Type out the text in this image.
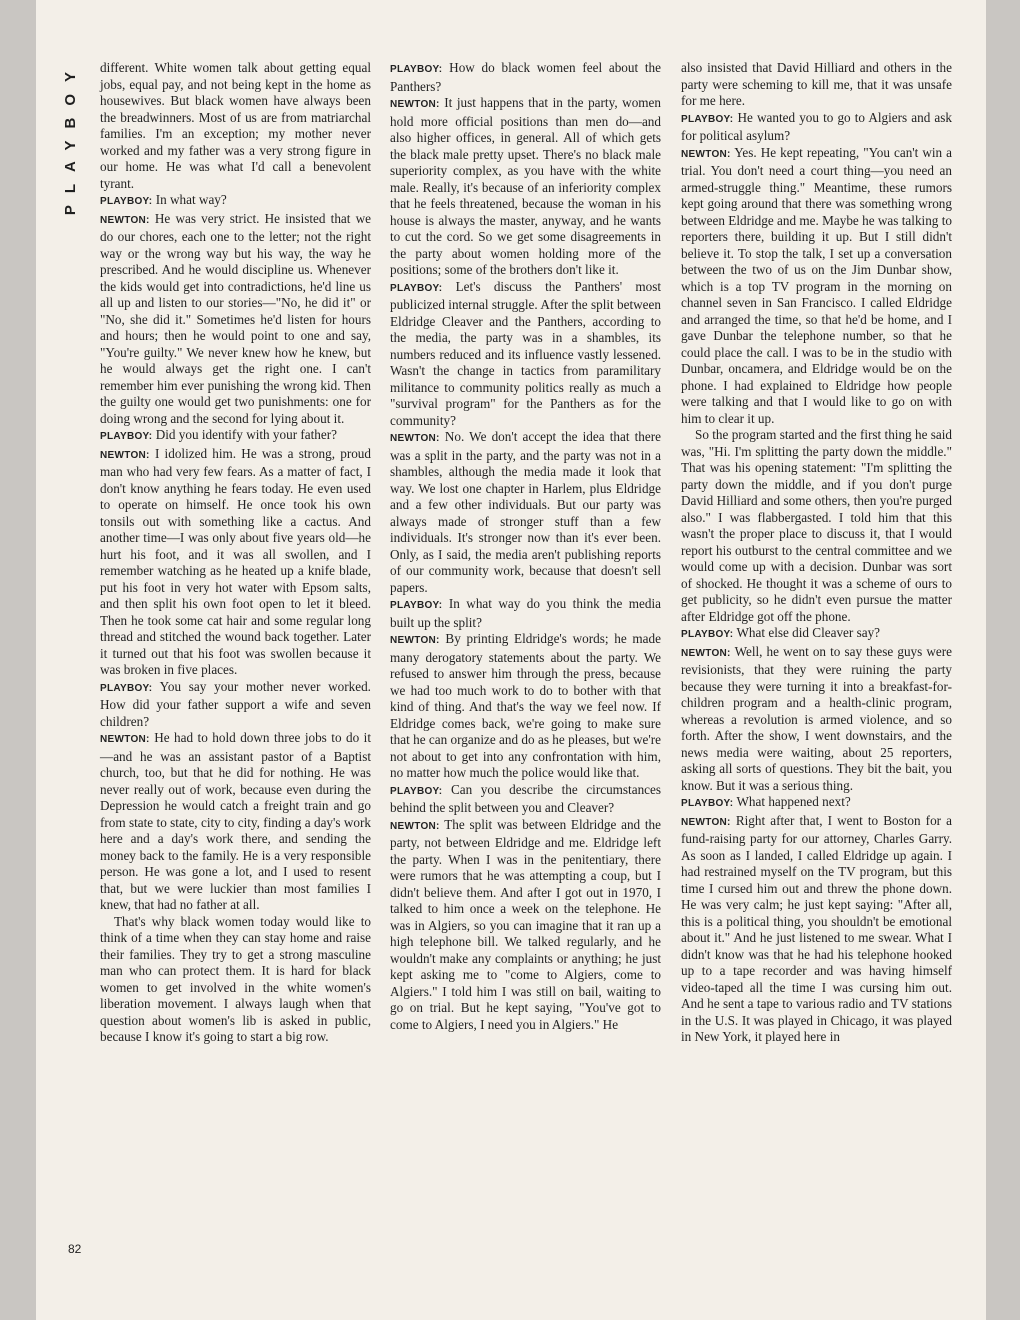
PLAYBOY
82

different. White women talk about getting equal jobs, equal pay, and not being kept in the home as housewives. But black women have always been the breadwinners. Most of us are from matriarchal families. I'm an exception; my mother never worked and my father was a very strong figure in our home. He was what I'd call a benevolent tyrant.

PLAYBOY: In what way?

NEWTON: He was very strict. He insisted that we do our chores, each one to the letter; not the right way or the wrong way but his way, the way he prescribed. And he would discipline us. Whenever the kids would get into contradictions, he'd line us all up and listen to our stories—"No, he did it" or "No, she did it." Sometimes he'd listen for hours and hours; then he would point to one and say, "You're guilty." We never knew how he knew, but he would always get the right one. I can't remember him ever punishing the wrong kid. Then the guilty one would get two punishments: one for doing wrong and the second for lying about it.

PLAYBOY: Did you identify with your father?

NEWTON: I idolized him. He was a strong, proud man who had very few fears. As a matter of fact, I don't know anything he fears today. He even used to operate on himself. He once took his own tonsils out with something like a cactus. And another time—I was only about five years old—he hurt his foot, and it was all swollen, and I remember watching as he heated up a knife blade, put his foot in very hot water with Epsom salts, and then split his own foot open to let it bleed. Then he took some cat hair and some regular long thread and stitched the wound back together. Later it turned out that his foot was swollen because it was broken in five places.

PLAYBOY: You say your mother never worked. How did your father support a wife and seven children?

NEWTON: He had to hold down three jobs to do it—and he was an assistant pastor of a Baptist church, too, but that he did for nothing. He was never really out of work, because even during the Depression he would catch a freight train and go from state to state, city to city, finding a day's work here and a day's work there, and sending the money back to the family. He is a very responsible person. He was gone a lot, and I used to resent that, but we were luckier than most families I knew, that had no father at all.

That's why black women today would like to think of a time when they can stay home and raise their families. They try to get a strong masculine man who can protect them. It is hard for black women to get involved in the white women's liberation movement. I always laugh when that question about women's lib is asked in public, because I know it's going to start a big row.

PLAYBOY: How do black women feel about the Panthers?

NEWTON: It just happens that in the party, women hold more official positions than men do—and also higher offices, in general. All of which gets the black male pretty upset. There's no black male superiority complex, as you have with the white male. Really, it's because of an inferiority complex that he feels threatened, because the woman in his house is always the master, anyway, and he wants to cut the cord. So we get some disagreements in the party about women holding more of the positions; some of the brothers don't like it.

PLAYBOY: Let's discuss the Panthers' most publicized internal struggle. After the split between Eldridge Cleaver and the Panthers, according to the media, the party was in a shambles, its numbers reduced and its influence vastly lessened. Wasn't the change in tactics from paramilitary militance to community politics really as much a "survival program" for the Panthers as for the community?

NEWTON: No. We don't accept the idea that there was a split in the party, and the party was not in a shambles, although the media made it look that way. We lost one chapter in Harlem, plus Eldridge and a few other individuals. But our party was always made of stronger stuff than a few individuals. It's stronger now than it's ever been. Only, as I said, the media aren't publishing reports of our community work, because that doesn't sell papers.

PLAYBOY: In what way do you think the media built up the split?

NEWTON: By printing Eldridge's words; he made many derogatory statements about the party. We refused to answer him through the press, because we had too much work to do to bother with that kind of thing. And that's the way we feel now. If Eldridge comes back, we're going to make sure that he can organize and do as he pleases, but we're not about to get into any confrontation with him, no matter how much the police would like that.

PLAYBOY: Can you describe the circumstances behind the split between you and Cleaver?

NEWTON: The split was between Eldridge and the party, not between Eldridge and me. Eldridge left the party. When I was in the penitentiary, there were rumors that he was attempting a coup, but I didn't believe them. And after I got out in 1970, I talked to him once a week on the telephone. He was in Algiers, so you can imagine that it ran up a high telephone bill. We talked regularly, and he wouldn't make any complaints or anything; he just kept asking me to "come to Algiers, come to Algiers." I told him I was still on bail, waiting to go on trial. But he kept saying, "You've got to come to Algiers, I need you in Algiers." He

also insisted that David Hilliard and others in the party were scheming to kill me, that it was unsafe for me here.

PLAYBOY: He wanted you to go to Algiers and ask for political asylum?

NEWTON: Yes. He kept repeating, "You can't win a trial. You don't need a court thing—you need an armed-struggle thing." Meantime, these rumors kept going around that there was something wrong between Eldridge and me. Maybe he was talking to reporters there, building it up. But I still didn't believe it. To stop the talk, I set up a conversation between the two of us on the Jim Dunbar show, which is a top TV program in the morning on channel seven in San Francisco. I called Eldridge and arranged the time, so that he'd be home, and I gave Dunbar the telephone number, so that he could place the call. I was to be in the studio with Dunbar, oncamera, and Eldridge would be on the phone. I had explained to Eldridge how people were talking and that I would like to go on with him to clear it up.

So the program started and the first thing he said was, "Hi. I'm splitting the party down the middle." That was his opening statement: "I'm splitting the party down the middle, and if you don't purge David Hilliard and some others, then you're purged also." I was flabbergasted. I told him that this wasn't the proper place to discuss it, that I would report his outburst to the central committee and we would come up with a decision. Dunbar was sort of shocked. He thought it was a scheme of ours to get publicity, so he didn't even pursue the matter after Eldridge got off the phone.

PLAYBOY: What else did Cleaver say?

NEWTON: Well, he went on to say these guys were revisionists, that they were ruining the party because they were turning it into a breakfast-for-children program and a health-clinic program, whereas a revolution is armed violence, and so forth. After the show, I went downstairs, and the news media were waiting, about 25 reporters, asking all sorts of questions. They bit the bait, you know. But it was a serious thing.

PLAYBOY: What happened next?

NEWTON: Right after that, I went to Boston for a fund-raising party for our attorney, Charles Garry. As soon as I landed, I called Eldridge up again. I had restrained myself on the TV program, but this time I cursed him out and threw the phone down. He was very calm; he just kept saying: "After all, this is a political thing, you shouldn't be emotional about it." And he just listened to me swear. What I didn't know was that he had his telephone hooked up to a tape recorder and was having himself video-taped all the time I was cursing him out. And he sent a tape to various radio and TV stations in the U.S. It was played in Chicago, it was played in New York, it played here in
